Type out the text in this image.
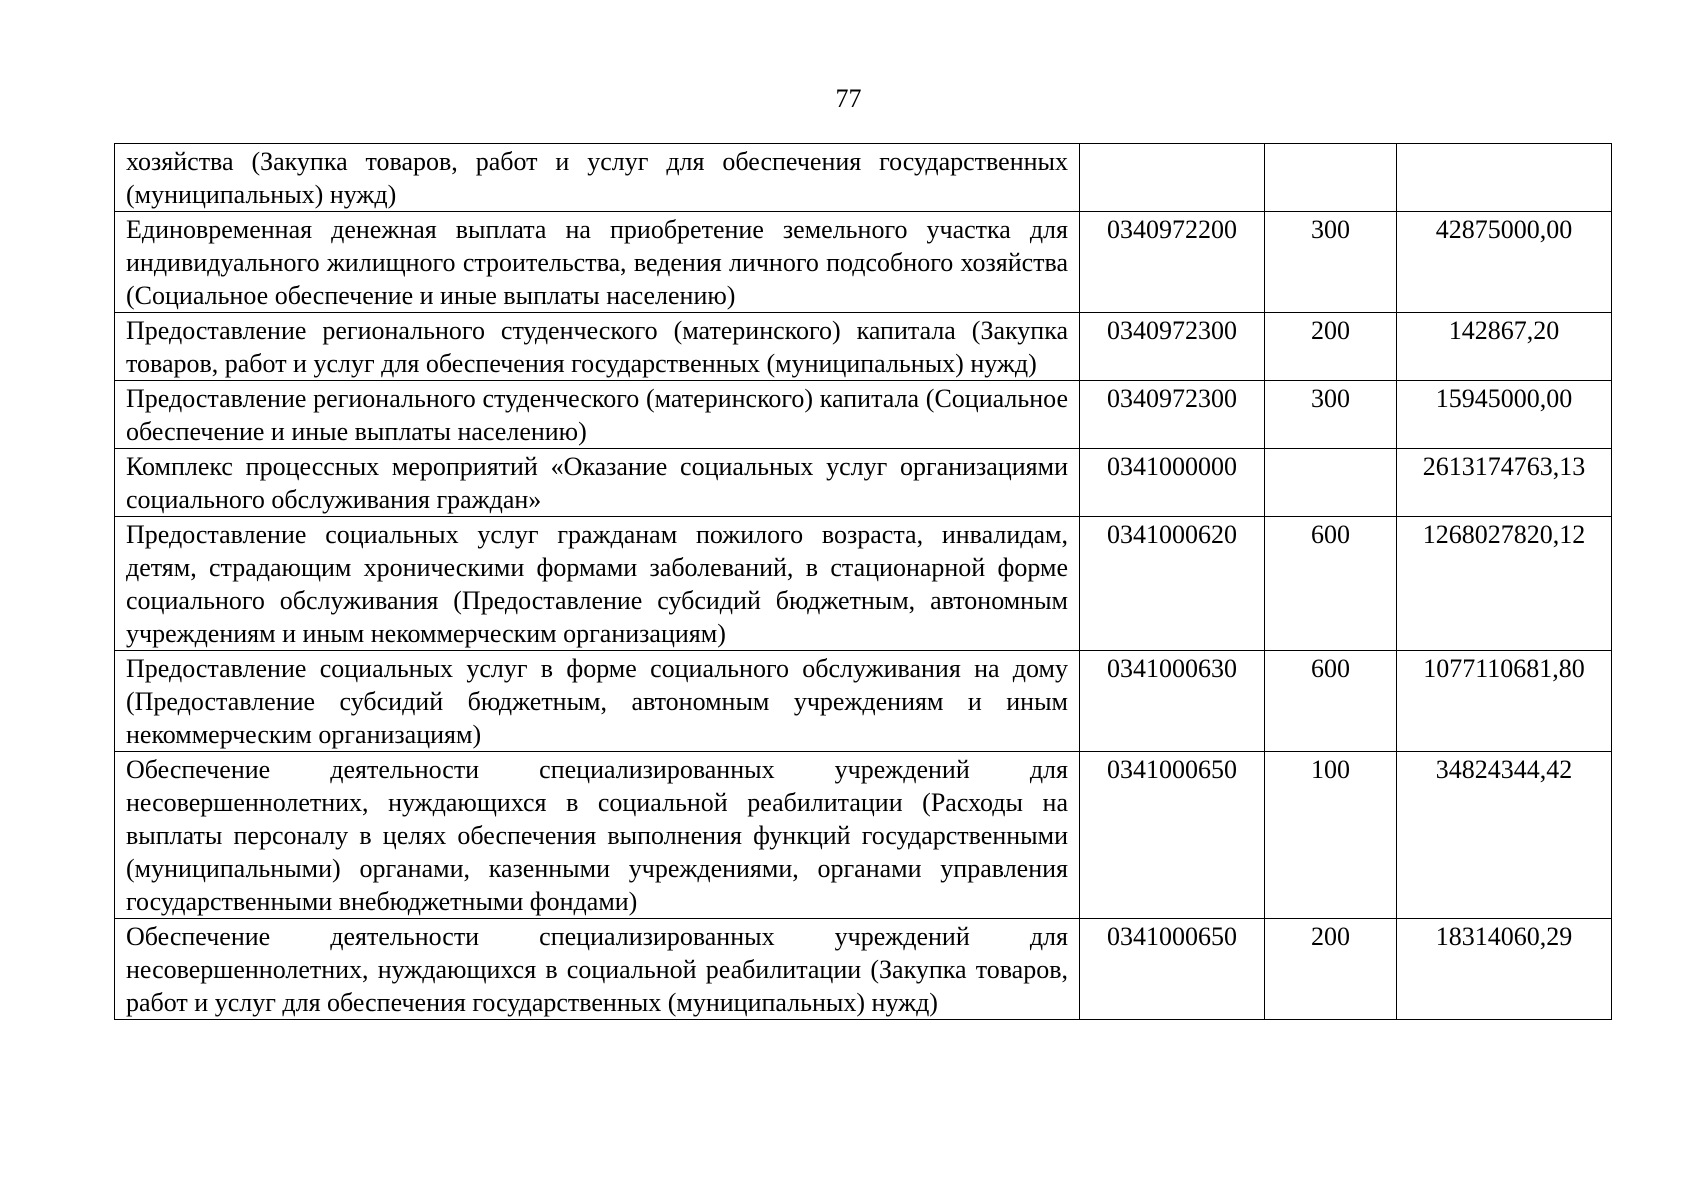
77
хозяйства (Закупка товаров, работ и услуг для обеспечения государственных (муниципальных) нужд)			
Единовременная денежная выплата на приобретение земельного участка для индивидуального жилищного строительства, ведения личного подсобного хозяйства (Социальное обеспечение и иные выплаты населению)	0340972200	300	42875000,00
Предоставление регионального студенческого (материнского) капитала (Закупка товаров, работ и услуг для обеспечения государственных (муниципальных) нужд)	0340972300	200	142867,20
Предоставление регионального студенческого (материнского) капитала (Социальное обеспечение и иные выплаты населению)	0340972300	300	15945000,00
Комплекс процессных мероприятий «Оказание социальных услуг организациями социального обслуживания граждан»	0341000000		2613174763,13
Предоставление социальных услуг гражданам пожилого возраста, инвалидам, детям, страдающим хроническими формами заболеваний, в стационарной форме социального обслуживания (Предоставление субсидий бюджетным, автономным учреждениям и иным некоммерческим организациям)	0341000620	600	1268027820,12
Предоставление социальных услуг в форме социального обслуживания на дому (Предоставление субсидий бюджетным, автономным учреждениям и иным некоммерческим организациям)	0341000630	600	1077110681,80
Обеспечение деятельности специализированных учреждений для несовершеннолетних, нуждающихся в социальной реабилитации (Расходы на выплаты персоналу в целях обеспечения выполнения функций государственными (муниципальными) органами, казенными учреждениями, органами управления государственными внебюджетными фондами)	0341000650	100	34824344,42
Обеспечение деятельности специализированных учреждений для несовершеннолетних, нуждающихся в социальной реабилитации (Закупка товаров, работ и услуг для обеспечения государственных (муниципальных) нужд)	0341000650	200	18314060,29
